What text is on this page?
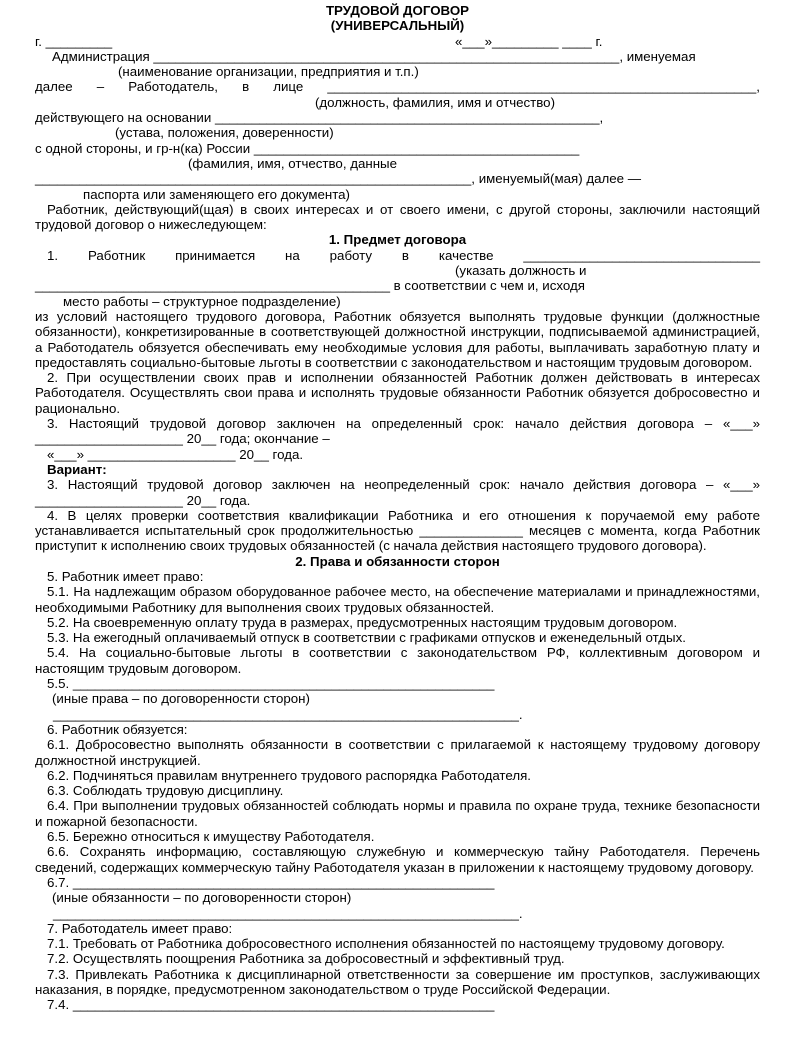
ТРУДОВОЙ ДОГОВОР
(УНИВЕРСАЛЬНЫЙ)
г. _________	«___»_________ ____ г.
Администрация _______________________________________________________________, именуемая
(наименование организации, предприятия и т.п.)
далее – Работодатель, в лице __________________________________________________________,
(должность, фамилия, имя и отчество)
действующего на основании ____________________________________________________,
(устава, положения, доверенности)
с одной стороны, и гр-н(ка) России ____________________________________________
(фамилия, имя, отчество, данные
___________________________________________________________, именуемый(мая) далее —
паспорта или заменяющего его документа)
Работник, действующий(щая) в своих интересах и от своего имени, с другой стороны, заключили настоящий трудовой договор о нижеследующем:
1. Предмет договора
1. Работник принимается на работу в качестве ________________________________
(указать должность и
________________________________________________ в соответствии с чем и, исходя
место работы – структурное подразделение)
из условий настоящего трудового договора, Работник обязуется выполнять трудовые функции (должностные обязанности), конкретизированные в соответствующей должностной инструкции, подписываемой администрацией, а Работодатель обязуется обеспечивать ему необходимые условия для работы, выплачивать заработную плату и предоставлять социально-бытовые льготы в соответствии с законодательством и настоящим трудовым договором.
2. При осуществлении своих прав и исполнении обязанностей Работник должен действовать в интересах Работодателя. Осуществлять свои права и исполнять трудовые обязанности Работник обязуется добросовестно и рационально.
3. Настоящий трудовой договор заключен на определенный срок: начало действия договора – «___» ____________________ 20__ года; окончание –
«___» ____________________ 20__ года.
Вариант:
3. Настоящий трудовой договор заключен на неопределенный срок: начало действия договора – «___» ____________________ 20__ года.
4. В целях проверки соответствия квалификации Работника и его отношения к поручаемой ему работе устанавливается испытательный срок продолжительностью ______________ месяцев с момента, когда Работник приступит к исполнению своих трудовых обязанностей (с начала действия настоящего трудового договора).
2. Права и обязанности сторон
5. Работник имеет право:
5.1. На надлежащим образом оборудованное рабочее место, на обеспечение материалами и принадлежностями, необходимыми Работнику для выполнения своих трудовых обязанностей.
5.2. На своевременную оплату труда в размерах, предусмотренных настоящим трудовым договором.
5.3. На ежегодный оплачиваемый отпуск в соответствии с графиками отпусков и еженедельный отдых.
5.4. На социально-бытовые льготы в соответствии с законодательством РФ, коллективным договором и настоящим трудовым договором.
5.5. _________________________________________________________
(иные права – по договоренности сторон)
_______________________________________________________________.
6. Работник обязуется:
6.1. Добросовестно выполнять обязанности в соответствии с прилагаемой к настоящему трудовому договору должностной инструкцией.
6.2. Подчиняться правилам внутреннего трудового распорядка Работодателя.
6.3. Соблюдать трудовую дисциплину.
6.4. При выполнении трудовых обязанностей соблюдать нормы и правила по охране труда, технике безопасности и пожарной безопасности.
6.5. Бережно относиться к имуществу Работодателя.
6.6. Сохранять информацию, составляющую служебную и коммерческую тайну Работодателя. Перечень сведений, содержащих коммерческую тайну Работодателя указан в приложении к настоящему трудовому договору.
6.7. _________________________________________________________
(иные обязанности – по договоренности сторон)
_______________________________________________________________.
7. Работодатель имеет право:
7.1. Требовать от Работника добросовестного исполнения обязанностей по настоящему трудовому договору.
7.2. Осуществлять поощрения Работника за добросовестный и эффективный труд.
7.3. Привлекать Работника к дисциплинарной ответственности за совершение им проступков, заслуживающих наказания, в порядке, предусмотренном законодательством о труде Российской Федерации.
7.4. _________________________________________________________
